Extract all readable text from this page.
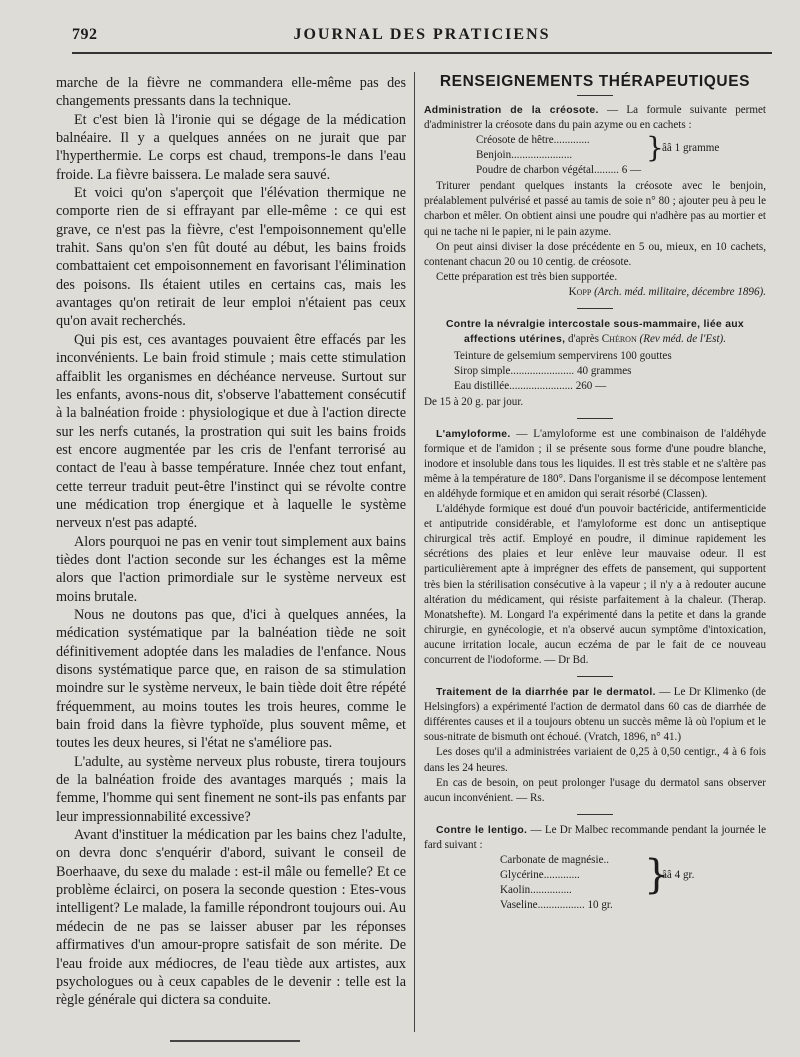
792	JOURNAL DES PRATICIENS

marche de la fièvre ne commandera elle-même pas des changements pressants dans la technique.

Et c'est bien là l'ironie qui se dégage de la médication balnéaire. Il y a quelques années on ne jurait que par l'hyperthermie. Le corps est chaud, trempons-le dans l'eau froide. La fièvre baissera. Le malade sera sauvé.

Et voici qu'on s'aperçoit que l'élévation thermique ne comporte rien de si effrayant par elle-même : ce qui est grave, ce n'est pas la fièvre, c'est l'empoisonnement qu'elle trahit. Sans qu'on s'en fût douté au début, les bains froids combattaient cet empoisonnement en favorisant l'élimination des poisons. Ils étaient utiles en certains cas, mais les avantages qu'on retirait de leur emploi n'étaient pas ceux qu'on avait recherchés.

Qui pis est, ces avantages pouvaient être effacés par les inconvénients. Le bain froid stimule ; mais cette stimulation affaiblit les organismes en déchéance nerveuse. Surtout sur les enfants, avons-nous dit, s'observe l'abattement consécutif à la balnéation froide : physiologique et due à l'action directe sur les nerfs cutanés, la prostration qui suit les bains froids est encore augmentée par les cris de l'enfant terrorisé au contact de l'eau à basse température. Innée chez tout enfant, cette terreur traduit peut-être l'instinct qui se révolte contre une médication trop énergique et à laquelle le système nerveux n'est pas adapté.

Alors pourquoi ne pas en venir tout simplement aux bains tièdes dont l'action seconde sur les échanges est la même alors que l'action primordiale sur le système nerveux est moins brutale.

Nous ne doutons pas que, d'ici à quelques années, la médication systématique par la balnéation tiède ne soit définitivement adoptée dans les maladies de l'enfance. Nous disons systématique parce que, en raison de sa stimulation moindre sur le système nerveux, le bain tiède doit être répété fréquemment, au moins toutes les trois heures, comme le bain froid dans la fièvre typhoïde, plus souvent même, et toutes les deux heures, si l'état ne s'améliore pas.

L'adulte, au système nerveux plus robuste, tirera toujours de la balnéation froide des avantages marqués ; mais la femme, l'homme qui sent finement ne sont-ils pas enfants par leur impressionnabilité excessive?

Avant d'instituer la médication par les bains chez l'adulte, on devra donc s'enquérir d'abord, suivant le conseil de Boerhaave, du sexe du malade : est-il mâle ou femelle? Et ce problème éclairci, on posera la seconde question : Etes-vous intelligent? Le malade, la famille répondront toujours oui. Au médecin de ne pas se laisser abuser par les réponses affirmatives d'un amour-propre satisfait de son mérite. De l'eau froide aux médiocres, de l'eau tiède aux artistes, aux psychologues ou à ceux capables de le devenir : telle est la règle générale qui dictera sa conduite.

RENSEIGNEMENTS THÉRAPEUTIQUES

Administration de la créosote. — La formule suivante permet d'administrer la créosote dans du pain azyme ou en cachets :

Créosote de hêtre.............
Benjoin......................
Poudre de charbon végétal......... 6 —
}
ââ 1 gramme

Triturer pendant quelques instants la créosote avec le benjoin, préalablement pulvérisé et passé au tamis de soie n° 80 ; ajouter peu à peu le charbon et mêler. On obtient ainsi une poudre qui n'adhère pas au mortier et qui ne tache ni le papier, ni le pain azyme.

On peut ainsi diviser la dose précédente en 5 ou, mieux, en 10 cachets, contenant chacun 20 ou 10 centig. de créosote.

Cette préparation est très bien supportée.

Kopp (Arch. méd. militaire, décembre 1896).

Contre la névralgie intercostale sous-mammaire, liée aux affections utérines, d'après Chéron (Rev méd. de l'Est).

Teinture de gelsemium sempervirens 100 gouttes
Sirop simple....................... 40 grammes
Eau distillée....................... 260 —

De 15 à 20 g. par jour.

L'amyloforme. — L'amyloforme est une combinaison de l'aldéhyde formique et de l'amidon ; il se présente sous forme d'une poudre blanche, inodore et insoluble dans tous les liquides. Il est très stable et ne s'altère pas même à la température de 180°. Dans l'organisme il se décompose lentement en aldéhyde formique et en amidon qui serait résorbé (Classen).

L'aldéhyde formique est doué d'un pouvoir bactéricide, antifermenticide et antiputride considérable, et l'amyloforme est donc un antiseptique chirurgical très actif. Employé en poudre, il diminue rapidement les sécrétions des plaies et leur enlève leur mauvaise odeur. Il est particulièrement apte à imprégner des effets de pansement, qui supportent très bien la stérilisation consécutive à la vapeur ; il n'y a à redouter aucune altération du médicament, qui résiste parfaitement à la chaleur. (Therap. Monatshefte). M. Longard l'a expérimenté dans la petite et dans la grande chirurgie, en gynécologie, et n'a observé aucun symptôme d'intoxication, aucune irritation locale, aucun eczéma de par le fait de ce nouveau concurrent de l'iodoforme. — Dr Bd.

Traitement de la diarrhée par le dermatol. — Le Dr Klimenko (de Helsingfors) a expérimenté l'action de dermatol dans 60 cas de diarrhée de différentes causes et il a toujours obtenu un succès même là où l'opium et le sous-nitrate de bismuth ont échoué. (Vratch, 1896, n° 41.)

Les doses qu'il a administrées variaient de 0,25 à 0,50 centigr., 4 à 6 fois dans les 24 heures.

En cas de besoin, on peut prolonger l'usage du dermatol sans observer aucun inconvénient. — Rs.

Contre le lentigo. — Le Dr Malbec recommande pendant la journée le fard suivant :

Carbonate de magnésie..
Glycérine.............
Kaolin...............
Vaseline................. 10 gr.
}
ââ 4 gr.
